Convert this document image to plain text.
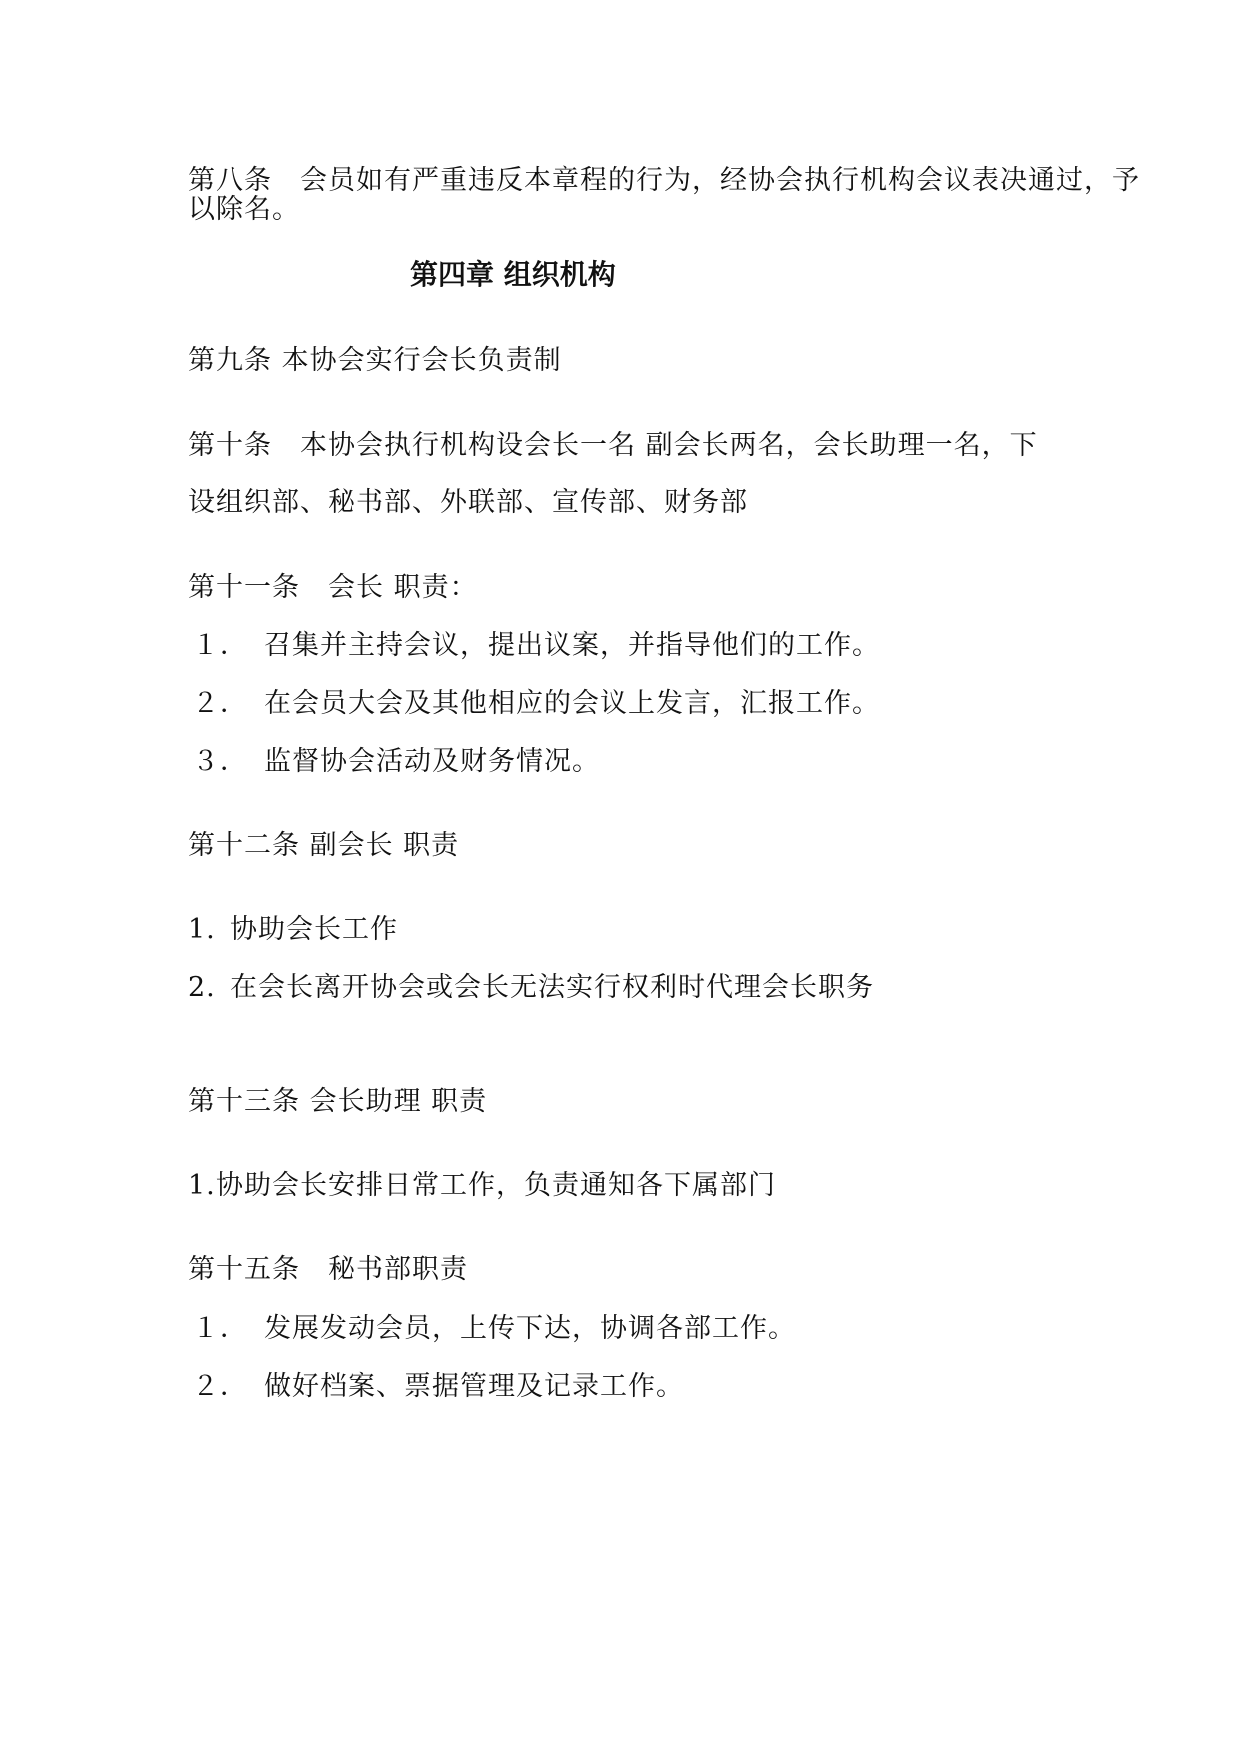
第八条　会员如有严重违反本章程的行为，经协会执行机构会议表决通过，予
以除名。
第四章 组织机构
第九条 本协会实行会长负责制
第十条　本协会执行机构设会长一名 副会长两名，会长助理一名，下
设组织部、秘书部、外联部、宣传部、财务部
第十一条　会长 职责：
１． 召集并主持会议，提出议案，并指导他们的工作。
２． 在会员大会及其他相应的会议上发言，汇报工作。
３． 监督协会活动及财务情况。
第十二条 副会长 职责
1. 协助会长工作
2. 在会长离开协会或会长无法实行权利时代理会长职务
第十三条 会长助理 职责
1.协助会长安排日常工作，负责通知各下属部门
第十五条　秘书部职责
１． 发展发动会员，上传下达，协调各部工作。
２． 做好档案、票据管理及记录工作。
